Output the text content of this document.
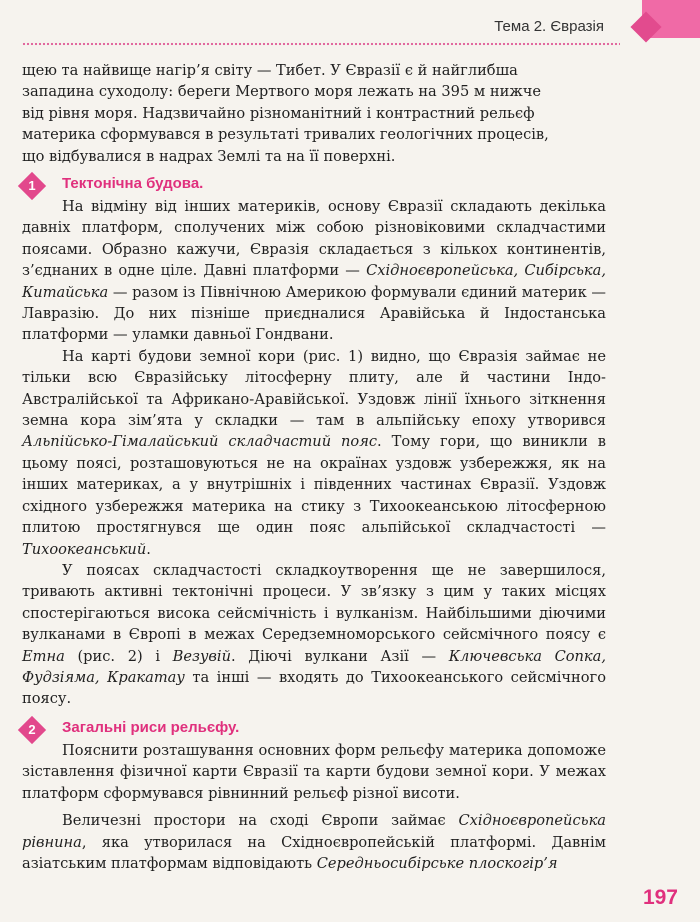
Тема 2. Євразія
щею та найвище нагір’я світу — Тибет. У Євразії є й найглибша
западина суходолу: береги Мертвого моря лежать на 395 м нижче
від рівня моря. Надзвичайно різноманітний і контрастний рельєф
материка сформувався в результаті тривалих геологічних процесів,
що відбувалися в надрах Землі та на її поверхні.
1	Тектонічна будова.

На відміну від інших материків, основу Євразії складають декілька давніх платформ, сполучених між собою різновіковими складчастими поясами. Образно кажучи, Євразія складається з кількох континентів, з’єднаних в одне ціле. Давні платформи — Східноєвропейська, Сибірська, Китайська — разом із Північною Америкою формували єдиний материк — Лавразію. До них пізніше приєдналися Аравійська й Індостанська платформи — уламки давньої Гондвани.

На карті будови земної кори (рис. 1) видно, що Євразія займає не тільки всю Євразійську літосферну плиту, але й частини Індо-Австралійської та Африкано-Аравійської. Уздовж лінії їхнього зіткнення земна кора зім’ята у складки — там в альпійську епоху утворився Альпійсько-Гімалайський складчастий пояс. Тому гори, що виникли в цьому поясі, розташовуються не на окраїнах уздовж узбережжя, як на інших материках, а у внутрішніх і південних частинах Євразії. Уздовж східного узбережжя материка на стику з Тихоокеанською літосферною плитою простягнувся ще один пояс альпійської складчастості — Тихоокеанський.

У поясах складчастості складкоутворення ще не завершилося, тривають активні тектонічні процеси. У зв’язку з цим у таких місцях спостерігаються висока сейсмічність і вулканізм. Найбільшими діючими вулканами в Європі в межах Середземноморського сейсмічного поясу є Етна (рис. 2) і Везувій. Діючі вулкани Азії — Ключевська Сопка, Фудзіяма, Кракатау та інші — входять до Тихоокеанського сейсмічного поясу.

2	Загальні риси рельєфу.

Пояснити розташування основних форм рельєфу материка допоможе зіставлення фізичної карти Євразії та карти будови земної кори. У межах платформ сформувався рівнинний рельєф різної висоти.

Величезні простори на сході Європи займає Східноєвропейська рівнина, яка утворилася на Східноєвропейській платформі. Давнім азіатським платформам відповідають Середньосибірське плоскогір’я

197
